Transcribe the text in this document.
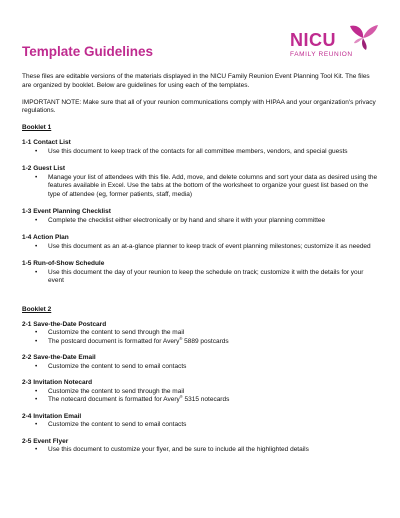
NICU
FAMILY REUNION
Template Guidelines

These files are editable versions of the materials displayed in the NICU Family Reunion Event Planning Tool Kit. The files are organized by booklet. Below are guidelines for using each of the templates.

IMPORTANT NOTE: Make sure that all of your reunion communications comply with HIPAA and your organization's privacy regulations.

Booklet 1
1-1 Contact List
• Use this document to keep track of the contacts for all committee members, vendors, and special guests
1-2 Guest List
• Manage your list of attendees with this file. Add, move, and delete columns and sort your data as desired using the features available in Excel. Use the tabs at the bottom of the worksheet to organize your guest list based on the type of attendee (eg, former patients, staff, media)
1-3 Event Planning Checklist
• Complete the checklist either electronically or by hand and share it with your planning committee
1-4 Action Plan
• Use this document as an at-a-glance planner to keep track of event planning milestones; customize it as needed
1-5 Run-of-Show Schedule
• Use this document the day of your reunion to keep the schedule on track; customize it with the details for your event
Booklet 2
2-1 Save-the-Date Postcard
• Customize the content to send through the mail
• The postcard document is formatted for Avery® 5889 postcards
2-2 Save-the-Date Email
• Customize the content to send to email contacts
2-3 Invitation Notecard
• Customize the content to send through the mail
• The notecard document is formatted for Avery® 5315 notecards
2-4 Invitation Email
• Customize the content to send to email contacts
2-5 Event Flyer
• Use this document to customize your flyer, and be sure to include all the highlighted details
